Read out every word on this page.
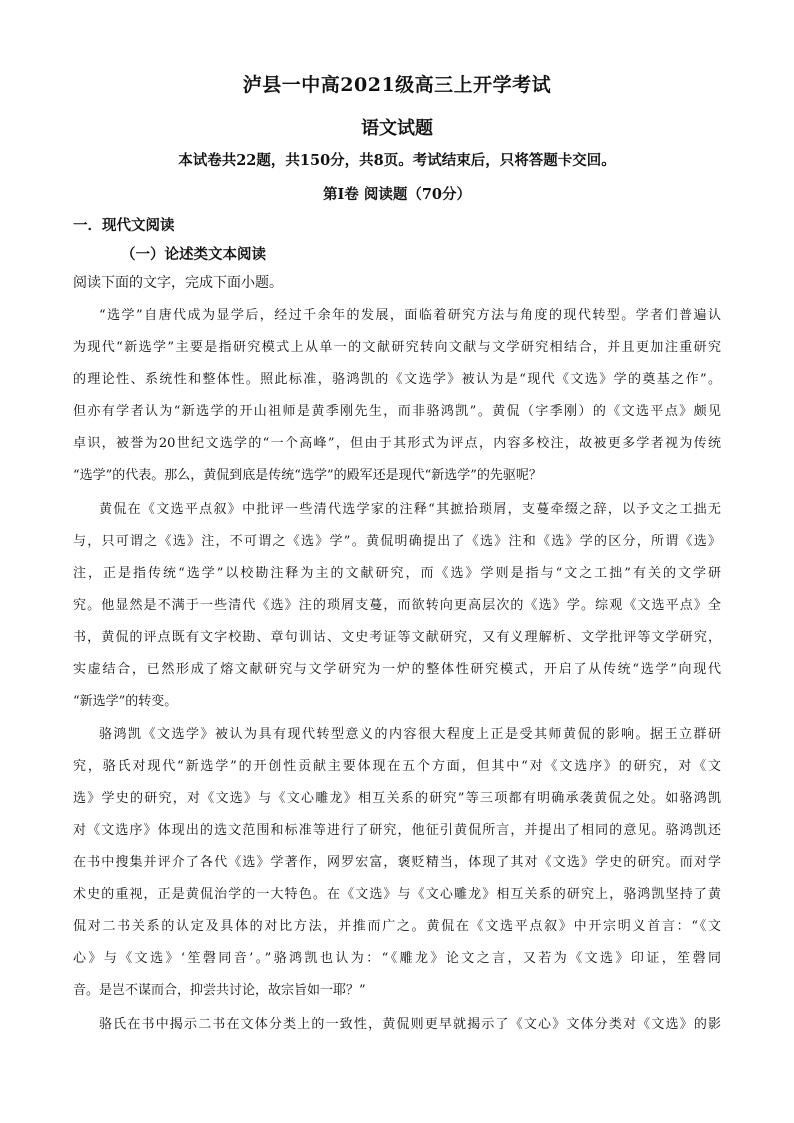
泸县一中高2021级高三上开学考试
语文试题
本试卷共22题，共150分，共8页。考试结束后，只将答题卡交回。
第Ⅰ卷 阅读题（70分）
一．现代文阅读
（一）论述类文本阅读
阅读下面的文字，完成下面小题。
“选学”自唐代成为显学后，经过千余年的发展，面临着研究方法与角度的现代转型。学者们普遍认
为现代“新选学”主要是指研究模式上从单一的文献研究转向文献与文学研究相结合，并且更加注重研究
的理论性、系统性和整体性。照此标准，骆鸿凯的《文选学》被认为是“现代《文选》学的奠基之作”。
但亦有学者认为“新选学的开山祖师是黄季刚先生，而非骆鸿凯”。黄侃（字季刚）的《文选平点》颇见
卓识，被誉为20世纪文选学的“一个高峰”，但由于其形式为评点，内容多校注，故被更多学者视为传统
“选学”的代表。那么，黄侃到底是传统“选学”的殿军还是现代“新选学”的先驱呢？
黄侃在《文选平点叙》中批评一些清代选学家的注释“其摭拾琐屑，支蔓牵缀之辞，以予文之工拙无
与，只可谓之《选》注，不可谓之《选》学”。黄侃明确提出了《选》注和《选》学的区分，所谓《选》
注，正是指传统“选学”以校勘注释为主的文献研究，而《选》学则是指与“文之工拙”有关的文学研
究。他显然是不满于一些清代《选》注的琐屑支蔓，而欲转向更高层次的《选》学。综观《文选平点》全
书，黄侃的评点既有文字校勘、章句训诂、文史考证等文献研究，又有义理解析、文学批评等文学研究，
实虚结合，已然形成了熔文献研究与文学研究为一炉的整体性研究模式，开启了从传统“选学”向现代
“新选学”的转变。
骆鸿凯《文选学》被认为具有现代转型意义的内容很大程度上正是受其师黄侃的影响。据王立群研
究，骆氏对现代“新选学”的开创性贡献主要体现在五个方面，但其中“对《文选序》的研究，对《文
选》学史的研究，对《文选》与《文心雕龙》相互关系的研究”等三项都有明确承袭黄侃之处。如骆鸿凯
对《文选序》体现出的选文范围和标准等进行了研究，他征引黄侃所言，并提出了相同的意见。骆鸿凯还
在书中搜集并评介了各代《选》学著作，网罗宏富，褒贬精当，体现了其对《文选》学史的研究。而对学
术史的重视，正是黄侃治学的一大特色。在《文选》与《文心雕龙》相互关系的研究上，骆鸿凯坚持了黄
侃对二书关系的认定及具体的对比方法，并推而广之。黄侃在《文选平点叙》中开宗明义首言：“《文
心》与《文选》‘笙磬同音’。”骆鸿凯也认为：“《雕龙》论文之言，又若为《文选》印证，笙磬同
音。是岂不谋而合，抑尝共讨论，故宗旨如一耶？”
骆氏在书中揭示二书在文体分类上的一致性，黄侃则更早就揭示了《文心》文体分类对《文选》的影
